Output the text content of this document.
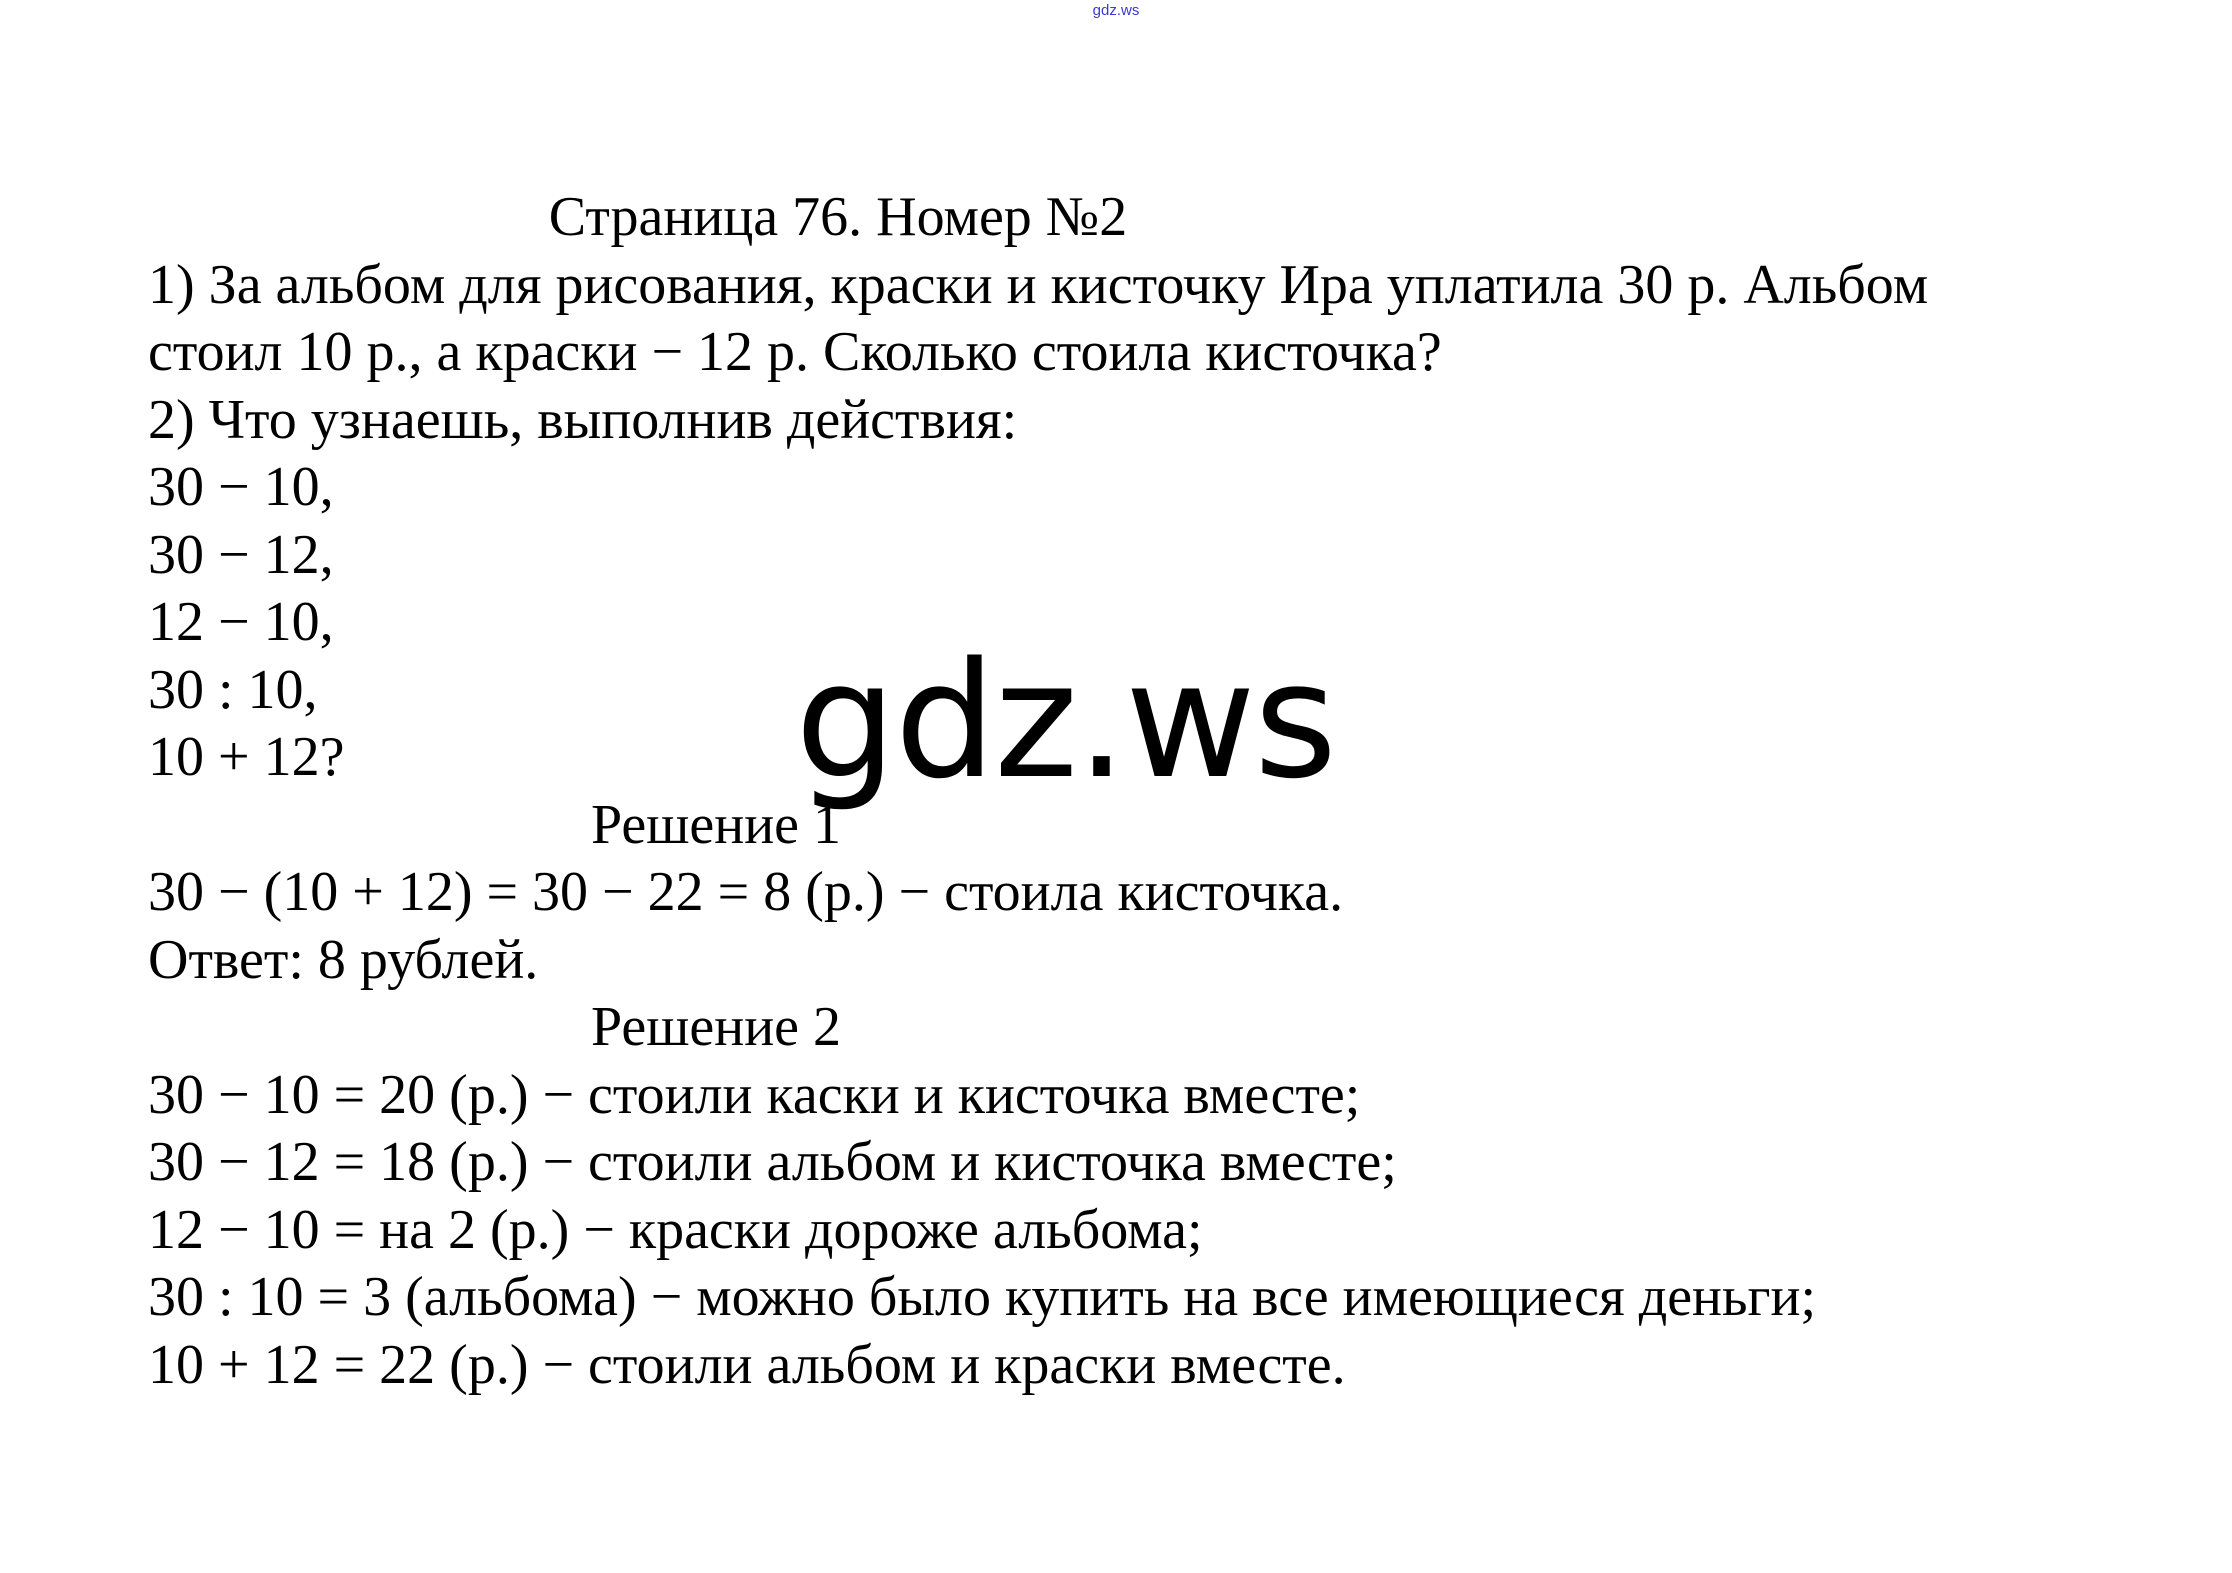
gdz.ws
Страница 76. Номер №2
1) За альбом для рисования, краски и кисточку Ира уплатила 30 р. Альбом
стоил 10 р., а краски − 12 р. Сколько стоила кисточка?
2) Что узнаешь, выполнив действия:
30 − 10,
30 − 12,
12 − 10,
30 : 10,
10 + 12?
Решение 1
30 − (10 + 12) = 30 − 22 = 8 (р.) − стоила кисточка.
Ответ: 8 рублей.
Решение 2
30 − 10 = 20 (р.) − стоили каски и кисточка вместе;
30 − 12 = 18 (р.) − стоили альбом и кисточка вместе;
12 − 10 = на 2 (р.) − краски дороже альбома;
30 : 10 = 3 (альбома) − можно было купить на все имеющиеся деньги;
10 + 12 = 22 (р.) − стоили альбом и краски вместе.
gdz.ws
